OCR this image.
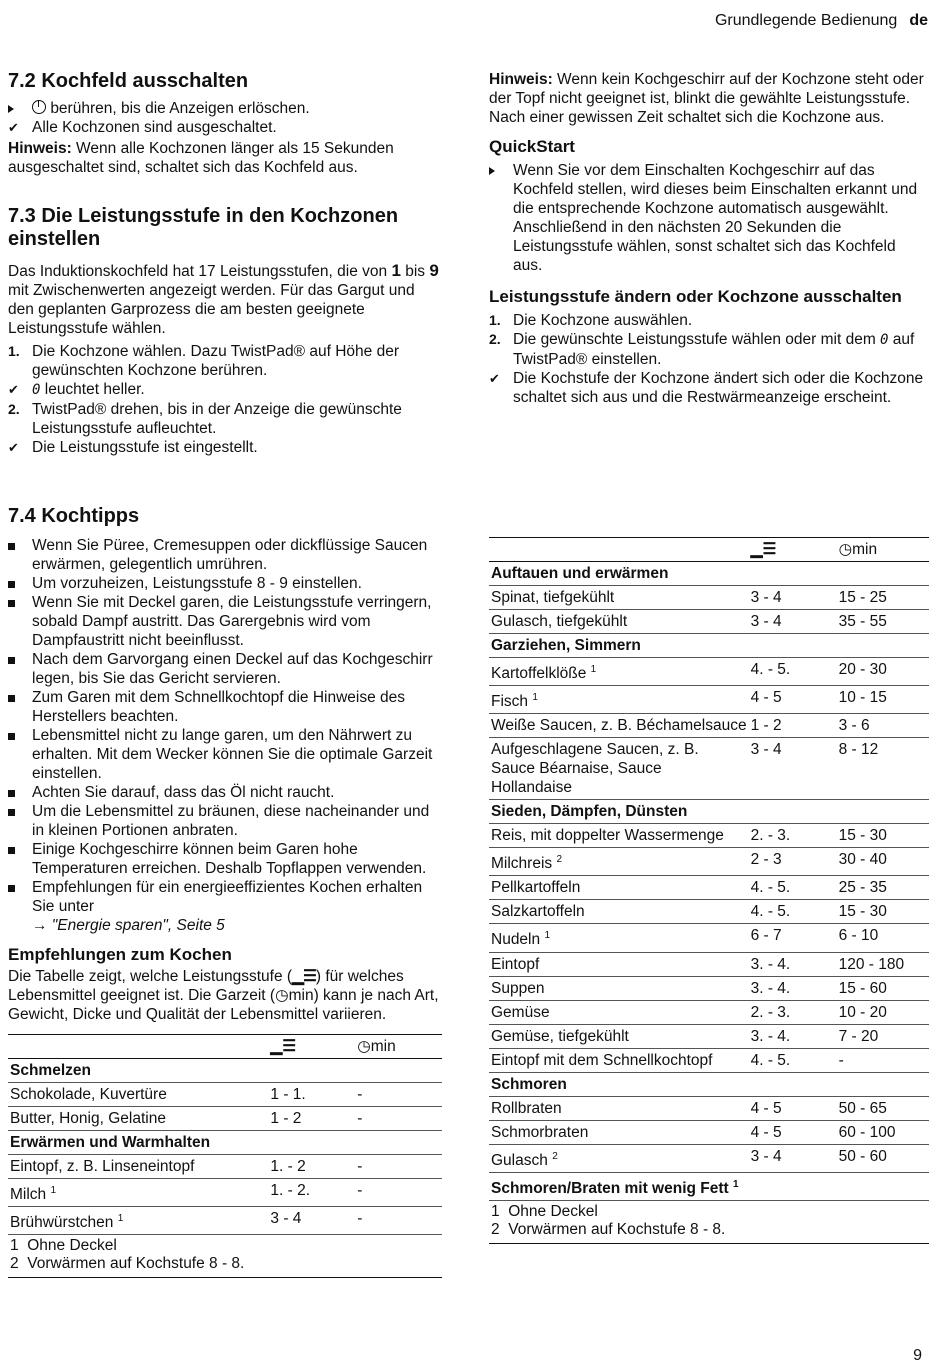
Grundlegende Bedienung de
7.2 Kochfeld ausschalten
berühren, bis die Anzeigen erlöschen.
✔ Alle Kochzonen sind ausgeschaltet.

Hinweis: Wenn alle Kochzonen länger als 15 Sekunden ausgeschaltet sind, schaltet sich das Kochfeld aus.

7.3 Die Leistungsstufe in den Kochzonen einstellen

Das Induktionskochfeld hat 17 Leistungsstufen, die von 1 bis 9 mit Zwischenwerten angezeigt werden. Für das Gargut und den geplanten Garprozess die am besten geeignete Leistungsstufe wählen.

1. Die Kochzone wählen. Dazu TwistPad® auf Höhe der gewünschten Kochzone berühren.
✔ 0 leuchtet heller.
2. TwistPad® drehen, bis in der Anzeige die gewünschte Leistungsstufe aufleuchtet.
✔ Die Leistungsstufe ist eingestellt.

Hinweis: Wenn kein Kochgeschirr auf der Kochzone steht oder der Topf nicht geeignet ist, blinkt die gewählte Leistungsstufe. Nach einer gewissen Zeit schaltet sich die Kochzone aus.

QuickStart
Wenn Sie vor dem Einschalten Kochgeschirr auf das Kochfeld stellen, wird dieses beim Einschalten erkannt und die entsprechende Kochzone automatisch ausgewählt. Anschließend in den nächsten 20 Sekunden die Leistungsstufe wählen, sonst schaltet sich das Kochfeld aus.
Leistungsstufe ändern oder Kochzone ausschalten
1. Die Kochzone auswählen.
2. Die gewünschte Leistungsstufe wählen oder mit dem 0 auf TwistPad® einstellen.
✔ Die Kochstufe der Kochzone ändert sich oder die Kochzone schaltet sich aus und die Restwärmeanzeige erscheint.
7.4 Kochtipps
Wenn Sie Püree, Cremesuppen oder dickflüssige Saucen erwärmen, gelegentlich umrühren.
Um vorzuheizen, Leistungsstufe 8 - 9 einstellen.
Wenn Sie mit Deckel garen, die Leistungsstufe verringern, sobald Dampf austritt. Das Garergebnis wird vom Dampfaustritt nicht beeinflusst.
Nach dem Garvorgang einen Deckel auf das Kochgeschirr legen, bis Sie das Gericht servieren.
Zum Garen mit dem Schnellkochtopf die Hinweise des Herstellers beachten.
Lebensmittel nicht zu lange garen, um den Nährwert zu erhalten. Mit dem Wecker können Sie die optimale Garzeit einstellen.
Achten Sie darauf, dass das Öl nicht raucht.
Um die Lebensmittel zu bräunen, diese nacheinander und in kleinen Portionen anbraten.
Einige Kochgeschirre können beim Garen hohe Temperaturen erreichen. Deshalb Topflappen verwenden.
Empfehlungen für ein energieeffizientes Kochen erhalten Sie unter
→ "Energie sparen", Seite 5
Empfehlungen zum Kochen

Die Tabelle zeigt, welche Leistungsstufe (▁☰) für welches Lebensmittel geeignet ist. Die Garzeit (◷min) kann je nach Art, Gewicht, Dicke und Qualität der Lebensmittel variieren.

	▁☰	◷min
Schmelzen		
Schokolade, Kuvertüre	1 - 1.	-
Butter, Honig, Gelatine	1 - 2	-
Erwärmen und Warmhalten		
Eintopf, z. B. Linseneintopf	1. - 2	-
Milch $^1$	1. - 2.	-
Brühwürstchen $^1$	3 - 4	-
1 Ohne Deckel
2 Vorwärmen auf Kochstufe 8 - 8.
	▁☰	◷min
Auftauen und erwärmen		
Spinat, tiefgekühlt	3 - 4	15 - 25
Gulasch, tiefgekühlt	3 - 4	35 - 55
Garziehen, Simmern		
Kartoffelklöße $^1$	4. - 5.	20 - 30
Fisch $^1$	4 - 5	10 - 15
Weiße Saucen, z. B. Béchamelsauce	1 - 2	3 - 6
Aufgeschlagene Saucen, z. B. Sauce Béarnaise, Sauce Hollandaise	3 - 4	8 - 12
Sieden, Dämpfen, Dünsten		
Reis, mit doppelter Wassermenge	2. - 3.	15 - 30
Milchreis $^2$	2 - 3	30 - 40
Pellkartoffeln	4. - 5.	25 - 35
Salzkartoffeln	4. - 5.	15 - 30
Nudeln $^1$	6 - 7	6 - 10
Eintopf	3. - 4.	120 - 180
Suppen	3. - 4.	15 - 60
Gemüse	2. - 3.	10 - 20
Gemüse, tiefgekühlt	3. - 4.	7 - 20
Eintopf mit dem Schnellkochtopf	4. - 5.	-
Schmoren		
Rollbraten	4 - 5	50 - 65
Schmorbraten	4 - 5	60 - 100
Gulasch $^2$	3 - 4	50 - 60
Schmoren/Braten mit wenig Fett $^1$
1 Ohne Deckel
2 Vorwärmen auf Kochstufe 8 - 8.
9
